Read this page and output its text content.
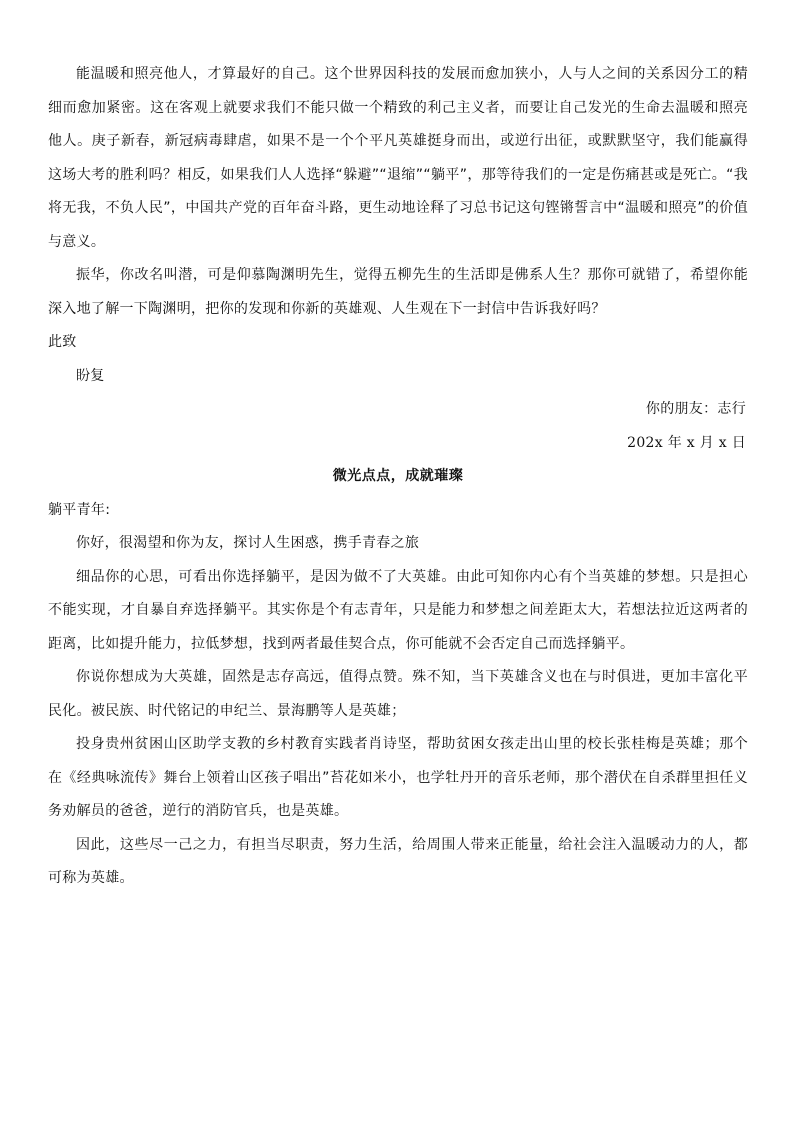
能温暖和照亮他人，才算最好的自己。这个世界因科技的发展而愈加狭小，人与人之间的关系因分工的精细而愈加紧密。这在客观上就要求我们不能只做一个精致的利己主义者，而要让自己发光的生命去温暖和照亮他人。庚子新春，新冠病毒肆虐，如果不是一个个平凡英雄挺身而出，或逆行出征，或默默坚守，我们能赢得这场大考的胜利吗？相反，如果我们人人选择“躲避”“退缩”“躺平”，那等待我们的一定是伤痛甚或是死亡。“我将无我，不负人民”，中国共产党的百年奋斗路，更生动地诠释了习总书记这句铿锵誓言中“温暖和照亮”的价值与意义。

振华，你改名叫潜，可是仰慕陶渊明先生，觉得五柳先生的生活即是佛系人生？那你可就错了，希望你能深入地了解一下陶渊明，把你的发现和你新的英雄观、人生观在下一封信中告诉我好吗？

此致

盼复

你的朋友：志行

202x 年 x 月 x 日

微光点点，成就璀璨

躺平青年:

你好，很渴望和你为友，探讨人生困惑，携手青春之旅

细品你的心思，可看出你选择躺平，是因为做不了大英雄。由此可知你内心有个当英雄的梦想。只是担心不能实现，才自暴自弃选择躺平。其实你是个有志青年，只是能力和梦想之间差距太大，若想法拉近这两者的距离，比如提升能力，拉低梦想，找到两者最佳契合点，你可能就不会否定自己而选择躺平。

你说你想成为大英雄，固然是志存高远，值得点赞。殊不知，当下英雄含义也在与时俱进，更加丰富化平民化。被民族、时代铭记的申纪兰、景海鹏等人是英雄；

投身贵州贫困山区助学支教的乡村教育实践者肖诗坚，帮助贫困女孩走出山里的校长张桂梅是英雄；那个在《经典咏流传》舞台上领着山区孩子唱出”苔花如米小，也学牡丹开的音乐老师，那个潜伏在自杀群里担任义务劝解员的爸爸，逆行的消防官兵，也是英雄。

因此，这些尽一己之力，有担当尽职责，努力生活，给周围人带来正能量，给社会注入温暖动力的人，都可称为英雄。
